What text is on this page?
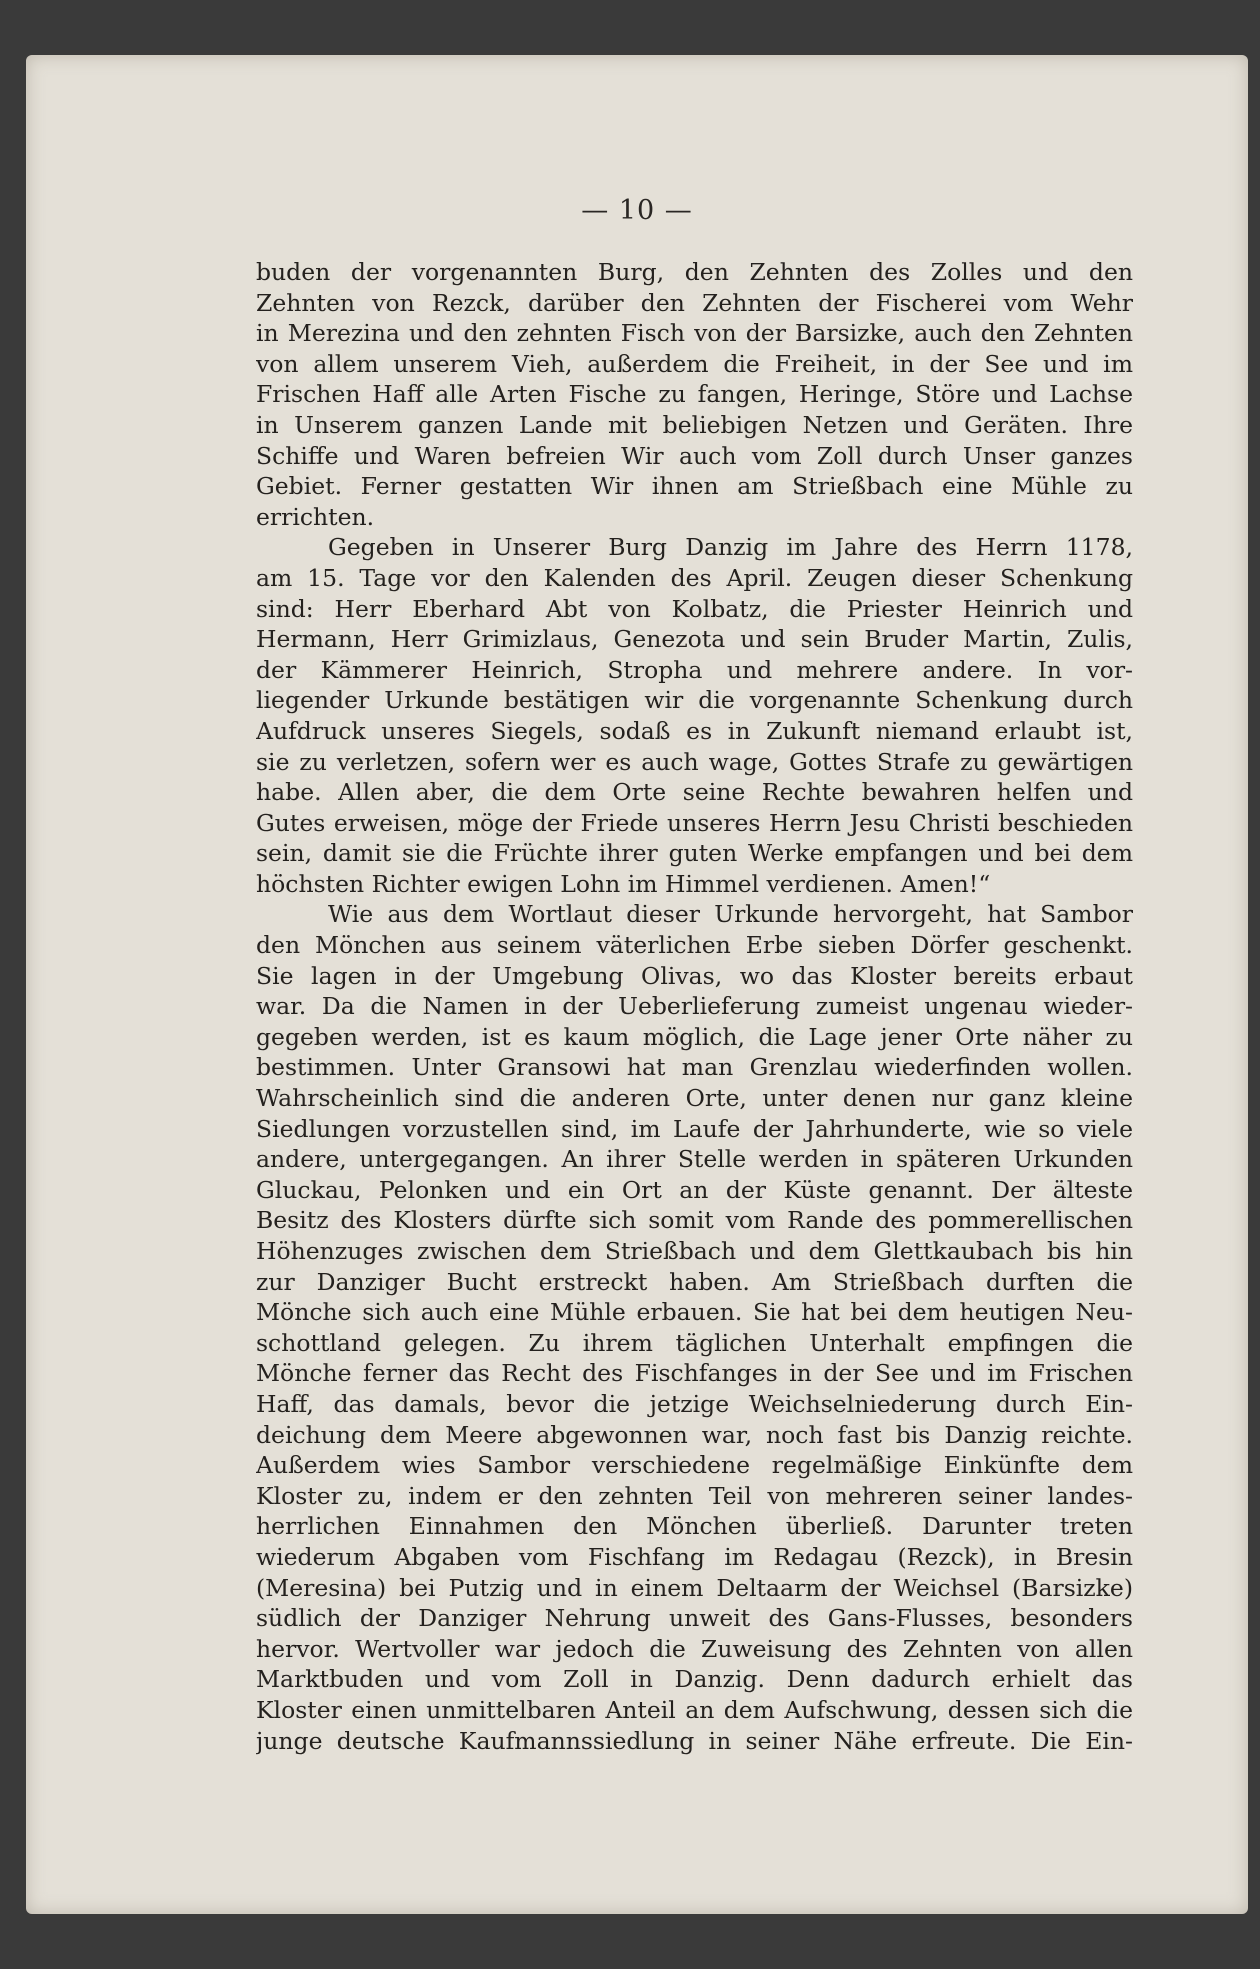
— 10 —
buden der vorgenannten Burg, den Zehnten des Zolles und den
Zehnten von Rezck, darüber den Zehnten der Fischerei vom Wehr
in Merezina und den zehnten Fisch von der Barsizke, auch den Zehnten
von allem unserem Vieh, außerdem die Freiheit, in der See und im
Frischen Haff alle Arten Fische zu fangen, Heringe, Störe und Lachse
in Unserem ganzen Lande mit beliebigen Netzen und Geräten. Ihre
Schiffe und Waren befreien Wir auch vom Zoll durch Unser ganzes
Gebiet. Ferner gestatten Wir ihnen am Strießbach eine Mühle zu
errichten.
Gegeben in Unserer Burg Danzig im Jahre des Herrn 1178,
am 15. Tage vor den Kalenden des April. Zeugen dieser Schenkung
sind: Herr Eberhard Abt von Kolbatz, die Priester Heinrich und
Hermann, Herr Grimizlaus, Genezota und sein Bruder Martin, Zulis,
der Kämmerer Heinrich, Stropha und mehrere andere. In vor-
liegender Urkunde bestätigen wir die vorgenannte Schenkung durch
Aufdruck unseres Siegels, sodaß es in Zukunft niemand erlaubt ist,
sie zu verletzen, sofern wer es auch wage, Gottes Strafe zu gewärtigen
habe. Allen aber, die dem Orte seine Rechte bewahren helfen und
Gutes erweisen, möge der Friede unseres Herrn Jesu Christi beschieden
sein, damit sie die Früchte ihrer guten Werke empfangen und bei dem
höchsten Richter ewigen Lohn im Himmel verdienen. Amen!“
Wie aus dem Wortlaut dieser Urkunde hervorgeht, hat Sambor
den Mönchen aus seinem väterlichen Erbe sieben Dörfer geschenkt.
Sie lagen in der Umgebung Olivas, wo das Kloster bereits erbaut
war. Da die Namen in der Ueberlieferung zumeist ungenau wieder-
gegeben werden, ist es kaum möglich, die Lage jener Orte näher zu
bestimmen. Unter Gransowi hat man Grenzlau wiederfinden wollen.
Wahrscheinlich sind die anderen Orte, unter denen nur ganz kleine
Siedlungen vorzustellen sind, im Laufe der Jahrhunderte, wie so viele
andere, untergegangen. An ihrer Stelle werden in späteren Urkunden
Gluckau, Pelonken und ein Ort an der Küste genannt. Der älteste
Besitz des Klosters dürfte sich somit vom Rande des pommerellischen
Höhenzuges zwischen dem Strießbach und dem Glettkaubach bis hin
zur Danziger Bucht erstreckt haben. Am Strießbach durften die
Mönche sich auch eine Mühle erbauen. Sie hat bei dem heutigen Neu-
schottland gelegen. Zu ihrem täglichen Unterhalt empfingen die
Mönche ferner das Recht des Fischfanges in der See und im Frischen
Haff, das damals, bevor die jetzige Weichselniederung durch Ein-
deichung dem Meere abgewonnen war, noch fast bis Danzig reichte.
Außerdem wies Sambor verschiedene regelmäßige Einkünfte dem
Kloster zu, indem er den zehnten Teil von mehreren seiner landes-
herrlichen Einnahmen den Mönchen überließ. Darunter treten
wiederum Abgaben vom Fischfang im Redagau (Rezck), in Bresin
(Meresina) bei Putzig und in einem Deltaarm der Weichsel (Barsizke)
südlich der Danziger Nehrung unweit des Gans-Flusses, besonders
hervor. Wertvoller war jedoch die Zuweisung des Zehnten von allen
Marktbuden und vom Zoll in Danzig. Denn dadurch erhielt das
Kloster einen unmittelbaren Anteil an dem Aufschwung, dessen sich die
junge deutsche Kaufmannssiedlung in seiner Nähe erfreute. Die Ein-
